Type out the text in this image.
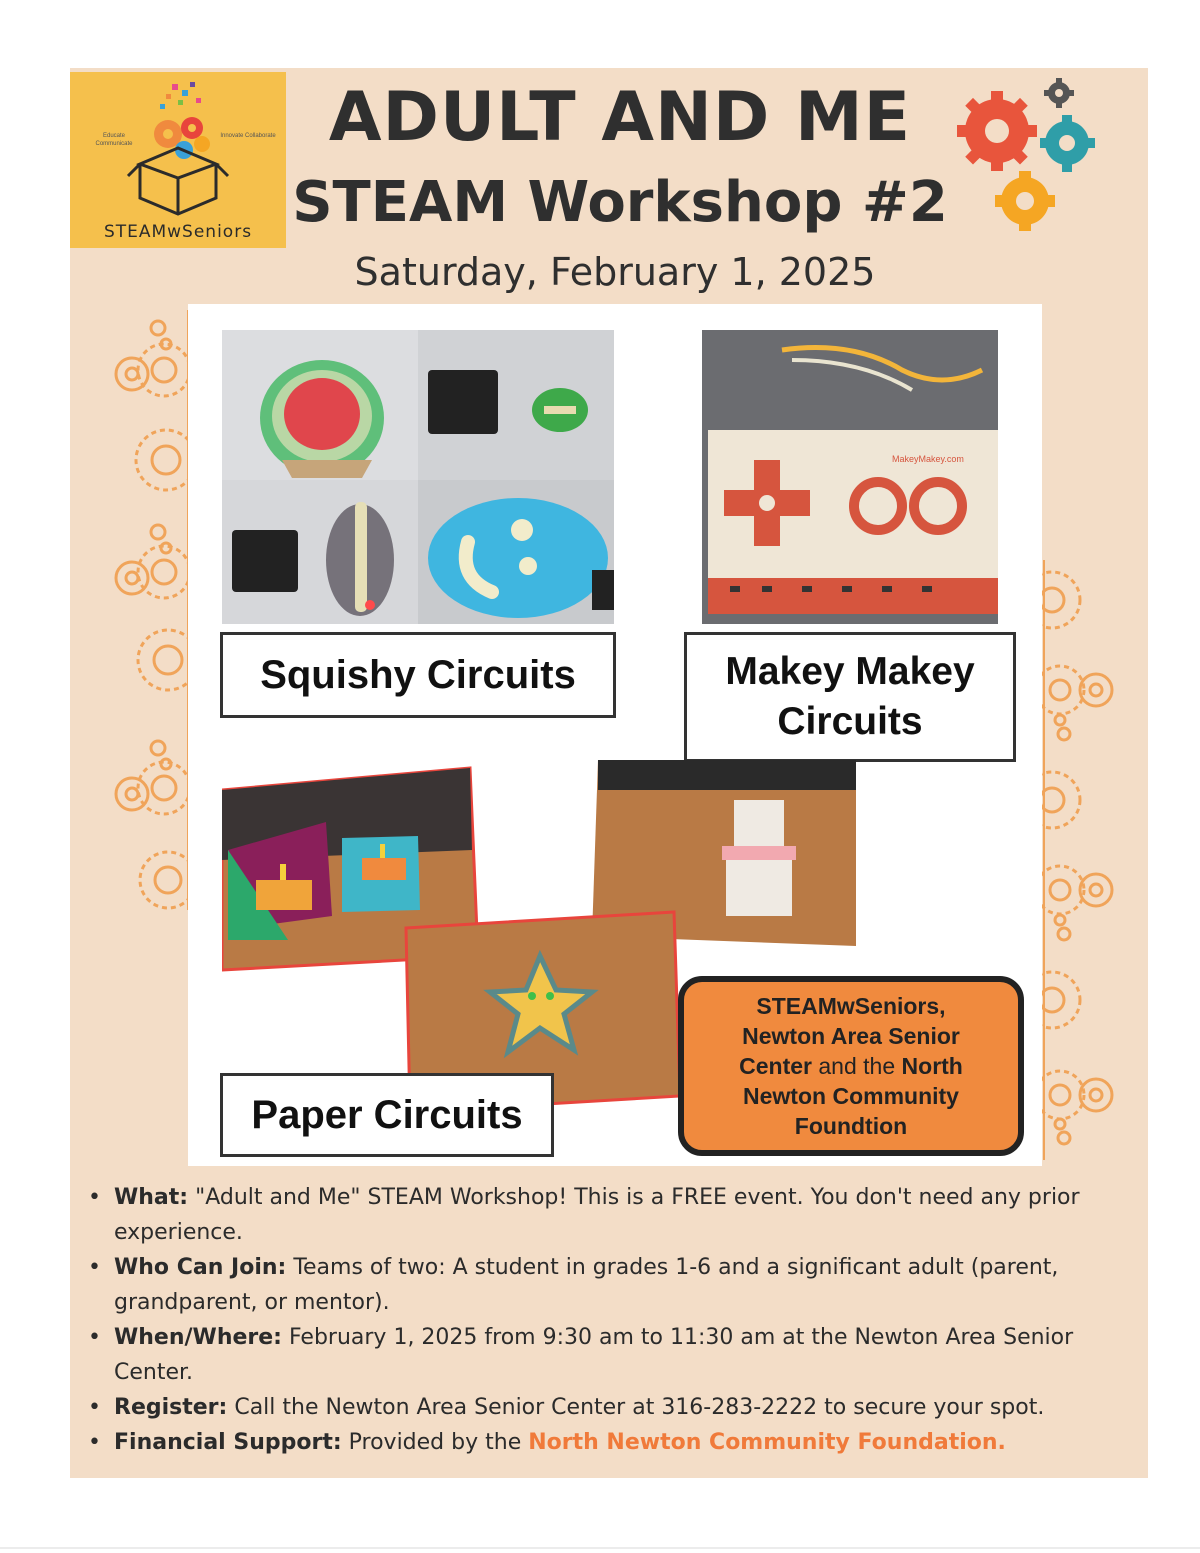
STEAMwSeniors
Educate Communicate
Innovate Collaborate ADULT AND ME
STEAM Workshop #2
Saturday, February 1, 2025
MakeyMakey.com
Squishy Circuits	Makey Makey
Circuits
Paper Circuits
STEAMwSeniors,
Newton Area Senior
Center and the North
Newton Community
Foundtion
• What: "Adult and Me" STEAM Workshop! This is a FREE event. You don't need any prior experience.
• Who Can Join: Teams of two: A student in grades 1-6 and a significant adult (parent, grandparent, or mentor).
• When/Where: February 1, 2025 from 9:30 am to 11:30 am at the Newton Area Senior Center.
• Register: Call the Newton Area Senior Center at 316-283-2222 to secure your spot.
• Financial Support: Provided by the North Newton Community Foundation.
